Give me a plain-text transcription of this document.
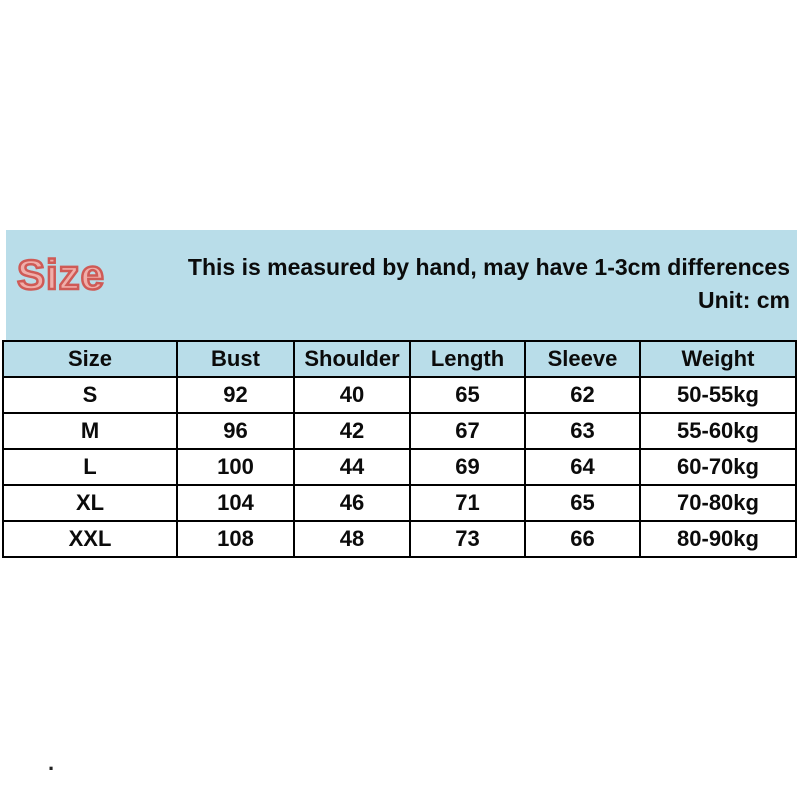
Size	This is measured by hand, may have 1-3cm differences
Unit: cm
Size	Bust	Shoulder	Length	Sleeve	Weight
S	92	40	65	62	50-55kg
M	96	42	67	63	55-60kg
L	100	44	69	64	60-70kg
XL	104	46	71	65	70-80kg
XXL	108	48	73	66	80-90kg
.
